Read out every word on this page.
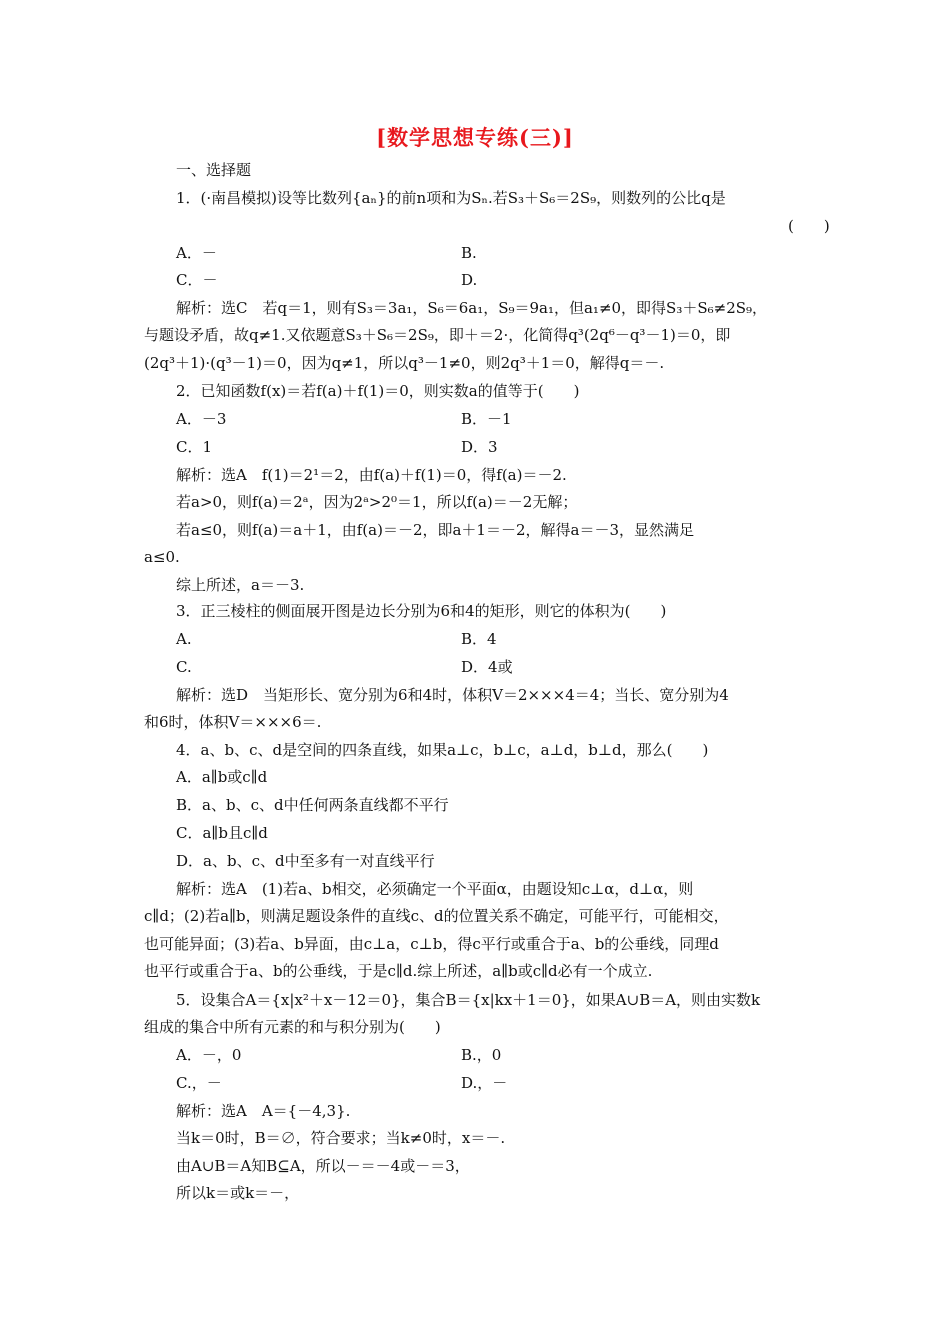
[数学思想专练(三)]
一、选择题
1．(·南昌模拟)设等比数列{aₙ}的前n项和为Sₙ.若S₃＋S₆＝2S₉，则数列的公比q是
(　　)
A．－	B.
C．－	D.
解析：选C　若q＝1，则有S₃＝3a₁，S₆＝6a₁，S₉＝9a₁，但a₁≠0，即得S₃＋S₆≠2S₉，
与题设矛盾，故q≠1.又依题意S₃＋S₆＝2S₉，即＋＝2·，化简得q³(2q⁶－q³－1)＝0，即
(2q³＋1)·(q³－1)＝0，因为q≠1，所以q³－1≠0，则2q³＋1＝0，解得q＝－.
2．已知函数f(x)＝若f(a)＋f(1)＝0，则实数a的值等于(　　)
A．－3	B．－1
C．1	D．3
解析：选A　f(1)＝2¹＝2，由f(a)＋f(1)＝0，得f(a)＝－2.
若a>0，则f(a)＝2ᵃ，因为2ᵃ>2⁰＝1，所以f(a)＝－2无解；
若a≤0，则f(a)＝a＋1，由f(a)＝－2，即a＋1＝－2，解得a＝－3，显然满足
a≤0.
综上所述，a＝－3.
3．正三棱柱的侧面展开图是边长分别为6和4的矩形，则它的体积为(　　)
A.	B．4
C.	D．4或
解析：选D　当矩形长、宽分别为6和4时，体积V＝2×××4＝4；当长、宽分别为4
和6时，体积V＝×××6＝.
4．a、b、c、d是空间的四条直线，如果a⊥c，b⊥c，a⊥d，b⊥d，那么(　　)
A．a∥b或c∥d
B．a、b、c、d中任何两条直线都不平行
C．a∥b且c∥d
D．a、b、c、d中至多有一对直线平行
解析：选A　(1)若a、b相交，必须确定一个平面α，由题设知c⊥α，d⊥α，则
c∥d；(2)若a∥b，则满足题设条件的直线c、d的位置关系不确定，可能平行，可能相交，
也可能异面；(3)若a、b异面，由c⊥a，c⊥b，得c平行或重合于a、b的公垂线，同理d
也平行或重合于a、b的公垂线，于是c∥d.综上所述，a∥b或c∥d必有一个成立.
5．设集合A＝{x|x²＋x－12＝0}，集合B＝{x|kx＋1＝0}，如果A∪B＝A，则由实数k
组成的集合中所有元素的和与积分别为(　　)
A．－，0	B.，0
C.，－	D.，－
解析：选A　A＝{－4,3}.
当k＝0时，B＝∅，符合要求；当k≠0时，x＝－.
由A∪B＝A知B⊆A，所以－＝－4或－＝3，
所以k＝或k＝－，
